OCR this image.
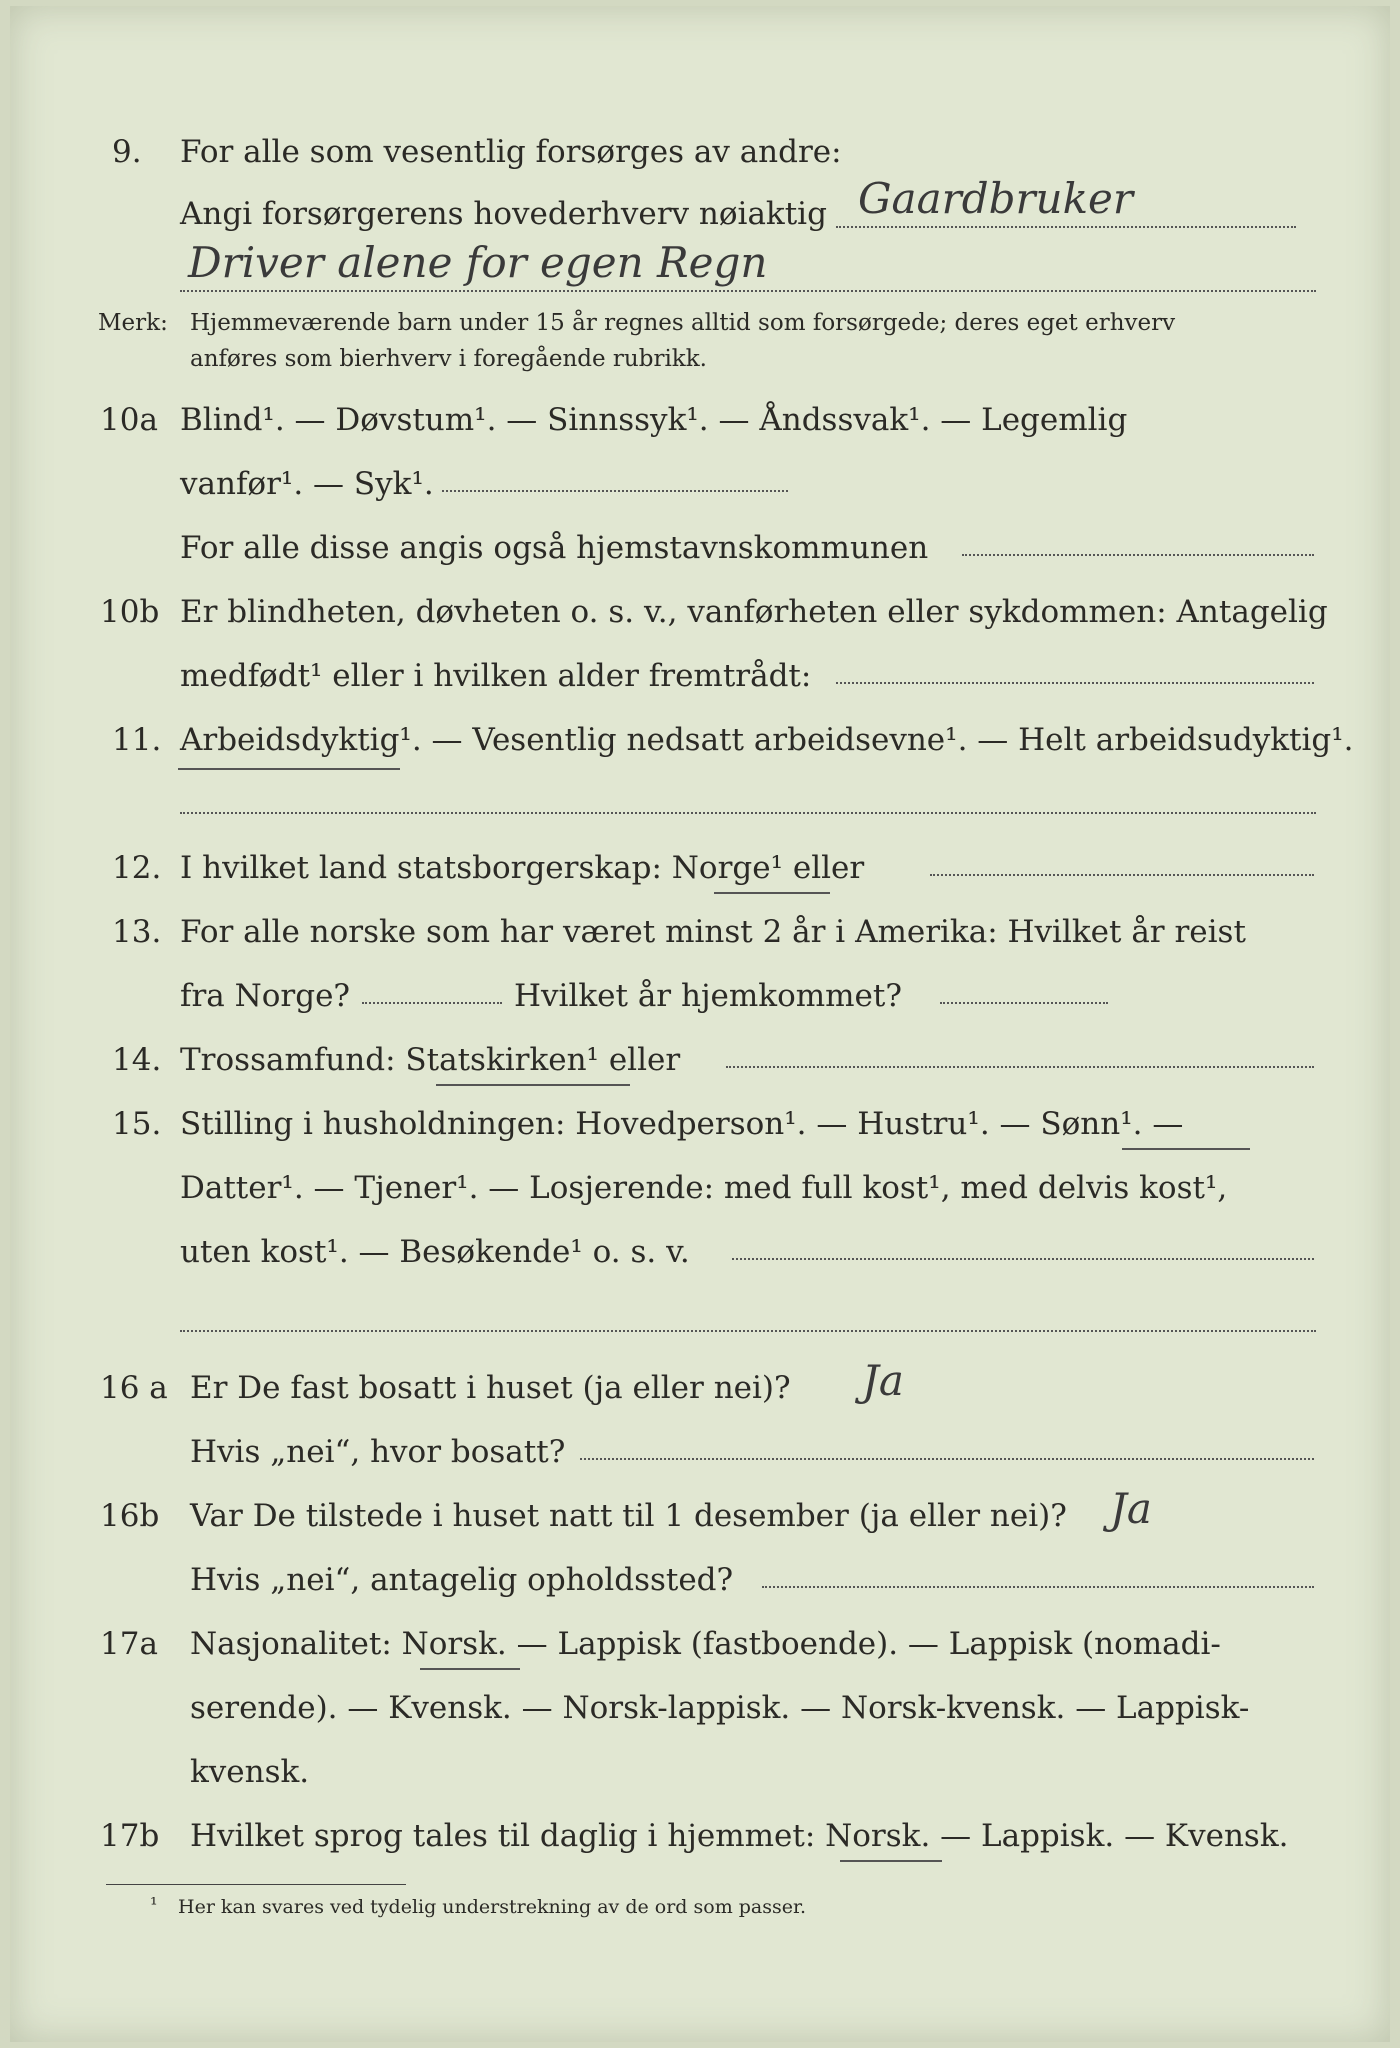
9. For alle som vesentlig forsørges av andre:
Angi forsørgerens hovederhverv nøiaktig Gaardbruker
Driver alene for egen Regn
Merk: Hjemmeværende barn under 15 år regnes alltid som forsørgede; deres eget erhverv
anføres som bierhverv i foregående rubrikk.
10a Blind¹. — Døvstum¹. — Sinnssyk¹. — Åndssvak¹. — Legemlig
vanfør¹. — Syk¹.
For alle disse angis også hjemstavnskommunen
10b Er blindheten, døvheten o. s. v., vanførheten eller sykdommen: Antagelig
medfødt¹ eller i hvilken alder fremtrådt:
11. Arbeidsdyktig¹. — Vesentlig nedsatt arbeidsevne¹. — Helt arbeidsudyktig¹.
12. I hvilket land statsborgerskap: Norge¹ eller
13. For alle norske som har været minst 2 år i Amerika: Hvilket år reist
fra Norge?	Hvilket år hjemkommet?
14. Trossamfund: Statskirken¹ eller
15. Stilling i husholdningen: Hovedperson¹. — Hustru¹. — Sønn¹. —
Datter¹. — Tjener¹. — Losjerende: med full kost¹, med delvis kost¹,
uten kost¹. — Besøkende¹ o. s. v.
16 a Er De fast bosatt i huset (ja eller nei)? Ja
Hvis „nei“, hvor bosatt?
16b Var De tilstede i huset natt til 1 desember (ja eller nei)? Ja
Hvis „nei“, antagelig opholdssted?
17a Nasjonalitet: Norsk. — Lappisk (fastboende). — Lappisk (nomadi-
serende). — Kvensk. — Norsk-lappisk. — Norsk-kvensk. — Lappisk-
kvensk.
17b Hvilket sprog tales til daglig i hjemmet: Norsk. — Lappisk. — Kvensk.
¹ Her kan svares ved tydelig understrekning av de ord som passer.
